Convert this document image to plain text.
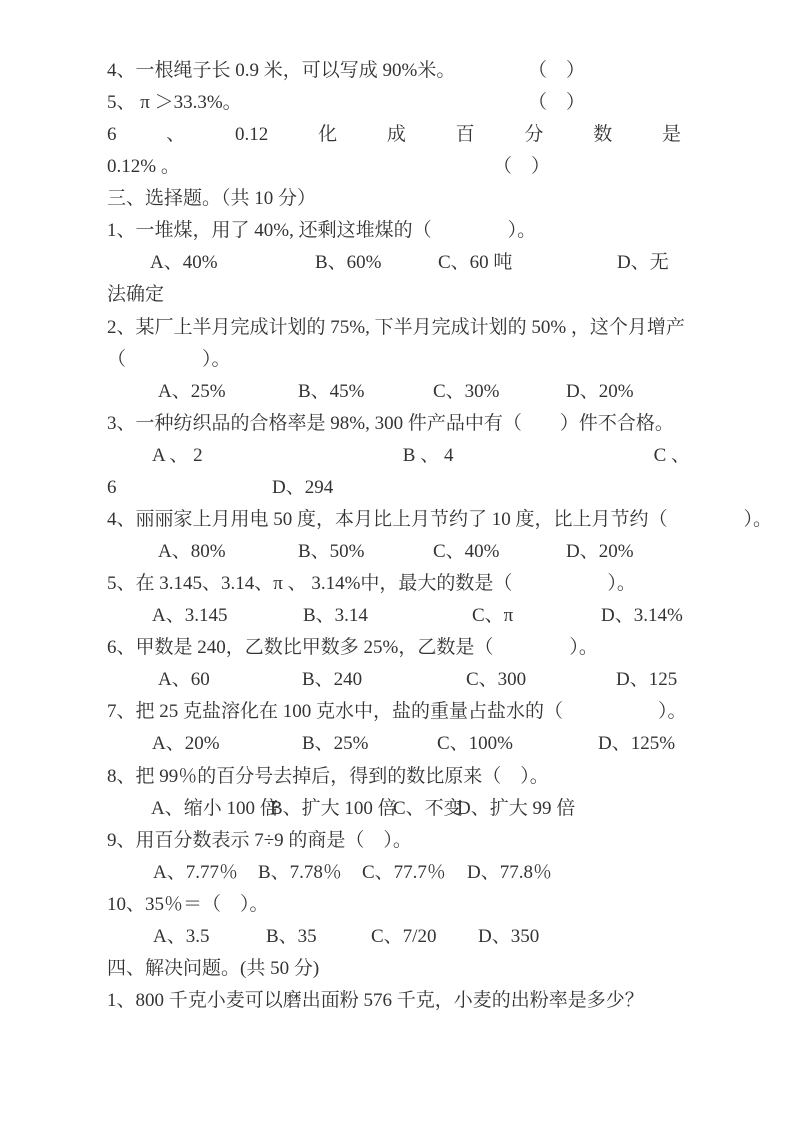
4、一根绳子长 0.9 米，可以写成 90%米。	（　）
5、 π ＞33.3%。	（　）
6	、	0.12	化	成	百	分	数	是
0.12% 。	（　）
三、选择题。（共 10 分）
1、一堆煤，用了 40%, 还剩这堆煤的（　　　　）。
A、40%	B、60%	C、60 吨	D、无
法确定
2、某厂上半月完成计划的 75%, 下半月完成计划的 50% ，这个月增产
（　　　　）。
A、25%	B、45%	C、30%	D、20%
3、一种纺织品的合格率是 98%, 300 件产品中有（　　）件不合格。
A 、 2	B 、 4	C 、
6	D、294
4、丽丽家上月用电 50 度，本月比上月节约了 10 度，比上月节约（　　　　）。
A、80%	B、50%	C、40%	D、20%
5、在 3.145、3.14、π 、 3.14%中，最大的数是（　　　　　）。
A、3.145	B、3.14	C、π	D、3.14%
6、甲数是 240，乙数比甲数多 25%，乙数是（　　　　）。
A、60	B、240	C、300	D、125
7、把 25 克盐溶化在 100 克水中，盐的重量占盐水的（　　　　　）。
A、20%	B、25%	C、100%	D、125%
8、把 99％的百分号去掉后，得到的数比原来（　）。
A、缩小 100 倍
B、扩大 100 倍
C、不变
D、扩大 99 倍
9、用百分数表示 7÷9 的商是（　）。
A、7.77％ B、7.78％ C、77.7％ D、77.8％
10、35％＝（　）。
A、3.5	B、35	C、7/20 D、350
四、解决问题。(共 50 分)
1、800 千克小麦可以磨出面粉 576 千克，小麦的出粉率是多少？
